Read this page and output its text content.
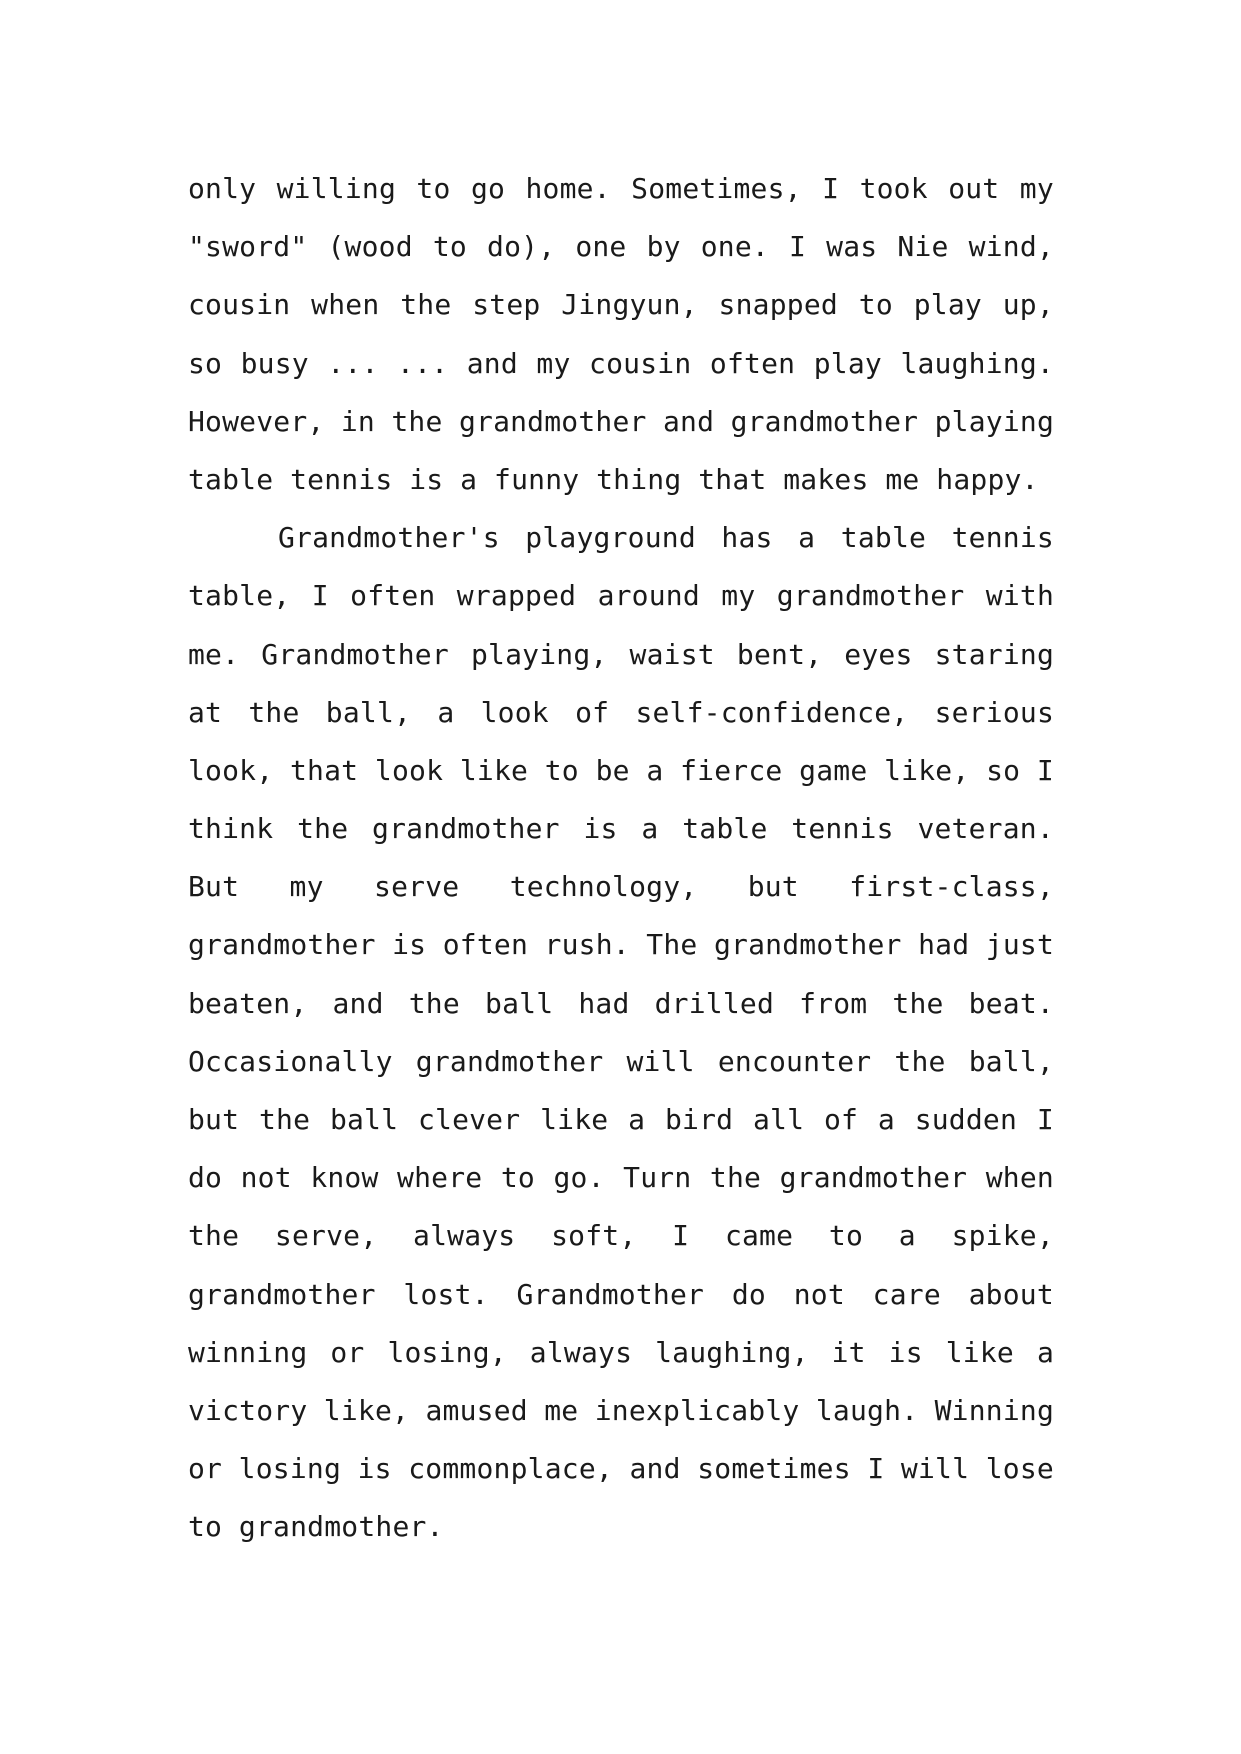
only willing to go home. Sometimes, I took out my
"sword" (wood to do), one by one. I was Nie wind,
cousin when the step Jingyun, snapped to play up,
so busy ... ... and my cousin often play laughing.
However, in the grandmother and grandmother playing
table tennis is a funny thing that makes me happy.
Grandmother's playground has a table tennis
table, I often wrapped around my grandmother with
me. Grandmother playing, waist bent, eyes staring
at the ball, a look of self-confidence, serious
look, that look like to be a fierce game like, so I
think the grandmother is a table tennis veteran.
But my serve technology, but first-class,
grandmother is often rush. The grandmother had just
beaten, and the ball had drilled from the beat.
Occasionally grandmother will encounter the ball,
but the ball clever like a bird all of a sudden I
do not know where to go. Turn the grandmother when
the serve, always soft, I came to a spike,
grandmother lost. Grandmother do not care about
winning or losing, always laughing, it is like a
victory like, amused me inexplicably laugh. Winning
or losing is commonplace, and sometimes I will lose
to grandmother.
